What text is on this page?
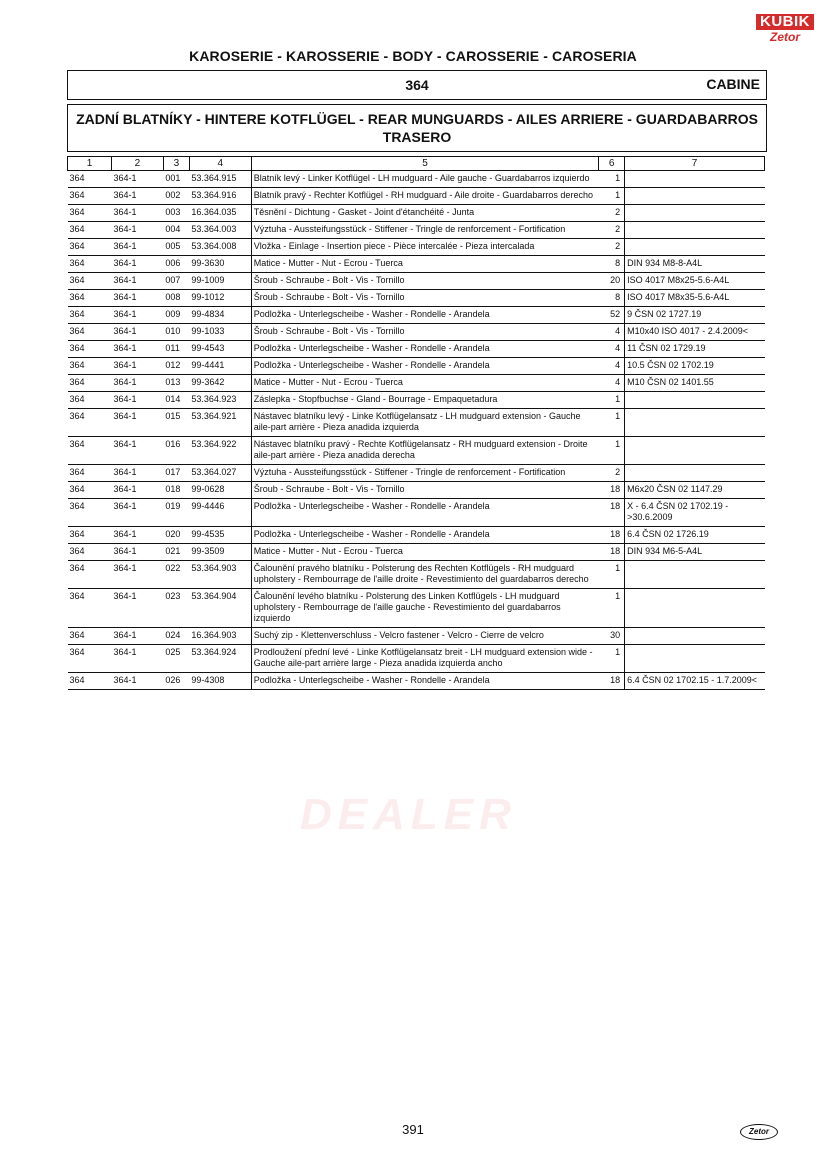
KAROSERIE - KAROSSERIE - BODY - CAROSSERIE - CAROSERIA
KUBIK
Zetor
364	CABINE
ZADNÍ BLATNÍKY - HINTERE KOTFLÜGEL - REAR MUNGUARDS - AILES ARRIERE - GUARDABARROS
TRASERO
DEALER
1	2	3	4	5	6	7
364	364-1	001	53.364.915	Blatník levý - Linker Kotflügel - LH mudguard - Aile gauche - Guardabarros izquierdo	1	
364	364-1	002	53.364.916	Blatník pravý - Rechter Kotflügel - RH mudguard - Aile droite - Guardabarros derecho	1	
364	364-1	003	16.364.035	Těsnění - Dichtung - Gasket - Joint d'étanchéité - Junta	2	
364	364-1	004	53.364.003	Výztuha - Aussteifungsstück - Stiffener - Tringle de renforcement - Fortification	2	
364	364-1	005	53.364.008	Vložka - Einlage - Insertion piece - Pièce intercalée - Pieza intercalada	2	
364	364-1	006	99-3630	Matice - Mutter - Nut - Ecrou - Tuerca	8	DIN 934 M8-8-A4L
364	364-1	007	99-1009	Šroub - Schraube - Bolt - Vis - Tornillo	20	ISO 4017 M8x25-5.6-A4L
364	364-1	008	99-1012	Šroub - Schraube - Bolt - Vis - Tornillo	8	ISO 4017 M8x35-5.6-A4L
364	364-1	009	99-4834	Podložka - Unterlegscheibe - Washer - Rondelle - Arandela	52	9 ČSN 02 1727.19
364	364-1	010	99-1033	Šroub - Schraube - Bolt - Vis - Tornillo	4	M10x40 ISO 4017 - 2.4.2009<
364	364-1	011	99-4543	Podložka - Unterlegscheibe - Washer - Rondelle - Arandela	4	11 ČSN 02 1729.19
364	364-1	012	99-4441	Podložka - Unterlegscheibe - Washer - Rondelle - Arandela	4	10.5 ČSN 02 1702.19
364	364-1	013	99-3642	Matice - Mutter - Nut - Ecrou - Tuerca	4	M10 ČSN 02 1401.55
364	364-1	014	53.364.923	Záslepka - Stopfbuchse - Gland - Bourrage - Empaquetadura	1	
364	364-1	015	53.364.921	Nástavec blatníku levý - Linke Kotflügelansatz - LH mudguard extension - Gauche aile-part arrière - Pieza anadida izquierda	1	
364	364-1	016	53.364.922	Nástavec blatníku pravý - Rechte Kotflügelansatz - RH mudguard extension - Droite aile-part arrière - Pieza anadida derecha	1	
364	364-1	017	53.364.027	Výztuha - Aussteifungsstück - Stiffener - Tringle de renforcement - Fortification	2	
364	364-1	018	99-0628	Šroub - Schraube - Bolt - Vis - Tornillo	18	M6x20 ČSN 02 1147.29
364	364-1	019	99-4446	Podložka - Unterlegscheibe - Washer - Rondelle - Arandela	18	X - 6.4 ČSN 02 1702.19 - >30.6.2009
364	364-1	020	99-4535	Podložka - Unterlegscheibe - Washer - Rondelle - Arandela	18	6.4 ČSN 02 1726.19
364	364-1	021	99-3509	Matice - Mutter - Nut - Ecrou - Tuerca	18	DIN 934 M6-5-A4L
364	364-1	022	53.364.903	Čalounění pravého blatníku - Polsterung des Rechten Kotflügels - RH mudguard upholstery - Rembourrage de l'aille droite - Revestimiento del guardabarros derecho	1	
364	364-1	023	53.364.904	Čalounění levého blatníku - Polsterung des Linken Kotflügels - LH mudguard upholstery - Rembourrage de l'aille gauche - Revestimiento del guardabarros izquierdo	1	
364	364-1	024	16.364.903	Suchý zip - Klettenverschluss - Velcro fastener - Velcro - Cierre de velcro	30	
364	364-1	025	53.364.924	Prodloužení přední levé - Linke Kotflügelansatz breit - LH mudguard extension wide - Gauche aile-part arrière large - Pieza anadida izquierda ancho	1	
364	364-1	026	99-4308	Podložka - Unterlegscheibe - Washer - Rondelle - Arandela	18	6.4 ČSN 02 1702.15 - 1.7.2009<
391	Zetor
